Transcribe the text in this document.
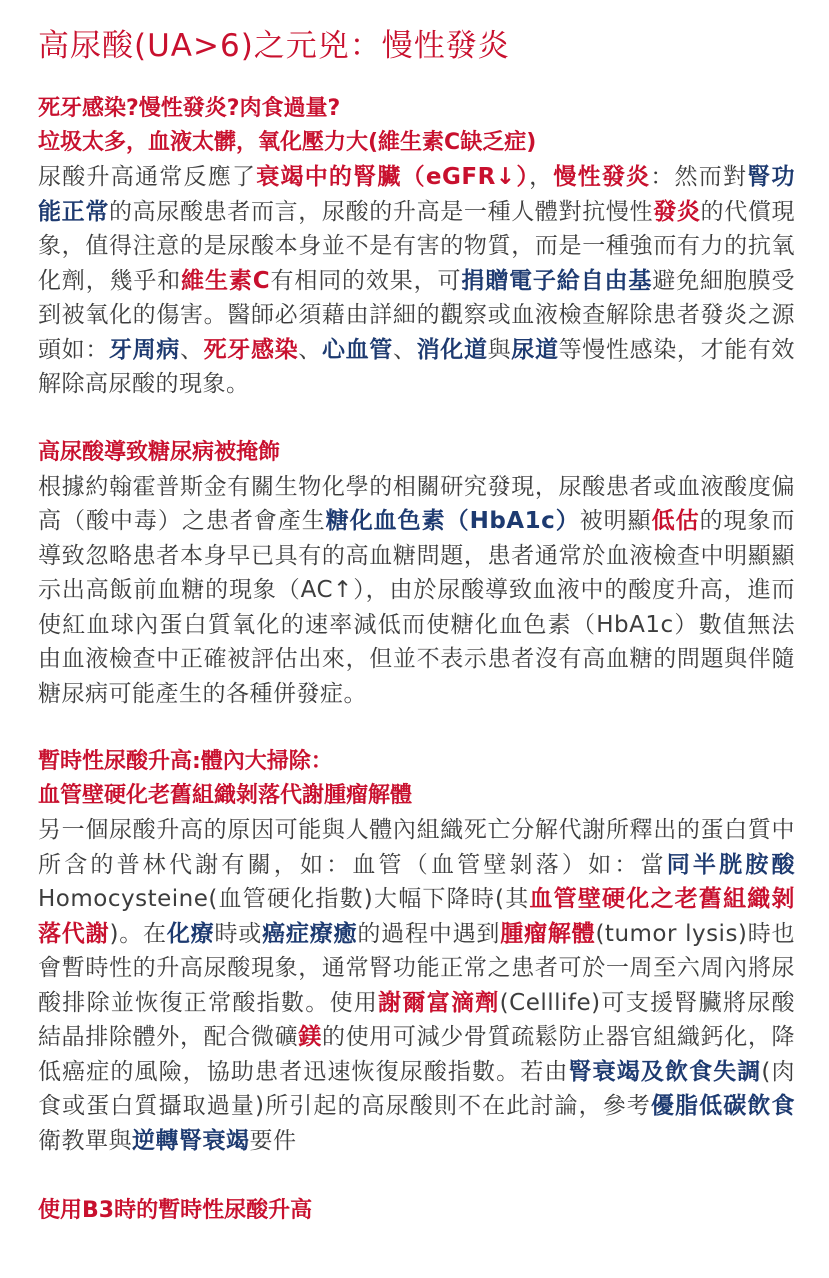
高尿酸(UA>6)之元兇：慢性發炎

死牙感染?慢性發炎?肉食過量?

垃圾太多，血液太髒，氧化壓力大(維生素C缺乏症)

尿酸升高通常反應了衰竭中的腎臟（eGFR↓），慢性發炎：然而對腎功能正常的高尿酸患者而言，尿酸的升高是一種人體對抗慢性發炎的代償現象，值得注意的是尿酸本身並不是有害的物質，而是一種強而有力的抗氧化劑，幾乎和維生素C有相同的效果，可捐贈電子給自由基避免細胞膜受到被氧化的傷害。醫師必須藉由詳細的觀察或血液檢查解除患者發炎之源頭如：牙周病、死牙感染、心血管、消化道與尿道等慢性感染，才能有效解除高尿酸的現象。

高尿酸導致糖尿病被掩飾

根據約翰霍普斯金有關生物化學的相關研究發現，尿酸患者或血液酸度偏高（酸中毒）之患者會產生糖化血色素（HbA1c）被明顯低估的現象而導致忽略患者本身早已具有的高血糖問題，患者通常於血液檢查中明顯顯示出高飯前血糖的現象（AC↑），由於尿酸導致血液中的酸度升高，進而使紅血球內蛋白質氧化的速率減低而使糖化血色素（HbA1c）數值無法由血液檢查中正確被評估出來，但並不表示患者沒有高血糖的問題與伴隨糖尿病可能產生的各種併發症。

暫時性尿酸升高:體內大掃除：

血管壁硬化老舊組織剝落代謝腫瘤解體

另一個尿酸升高的原因可能與人體內組織死亡分解代謝所釋出的蛋白質中所含的普林代謝有關，如：血管（血管壁剝落）如：當同半胱胺酸 Homocysteine(血管硬化指數)大幅下降時(其血管壁硬化之老舊組織剝落代謝)。在化療時或癌症療癒的過程中遇到腫瘤解體(tumor lysis)時也會暫時性的升高尿酸現象，通常腎功能正常之患者可於一周至六周內將尿酸排除並恢復正常酸指數。使用謝爾富滴劑(Celllife)可支援腎臟將尿酸結晶排除體外，配合微礦鎂的使用可減少骨質疏鬆防止器官組織鈣化，降低癌症的風險，協助患者迅速恢復尿酸指數。若由腎衰竭及飲食失調(肉食或蛋白質攝取過量)所引起的高尿酸則不在此討論，參考優脂低碳飲食衛教單與逆轉腎衰竭要件

使用B3時的暫時性尿酸升高
